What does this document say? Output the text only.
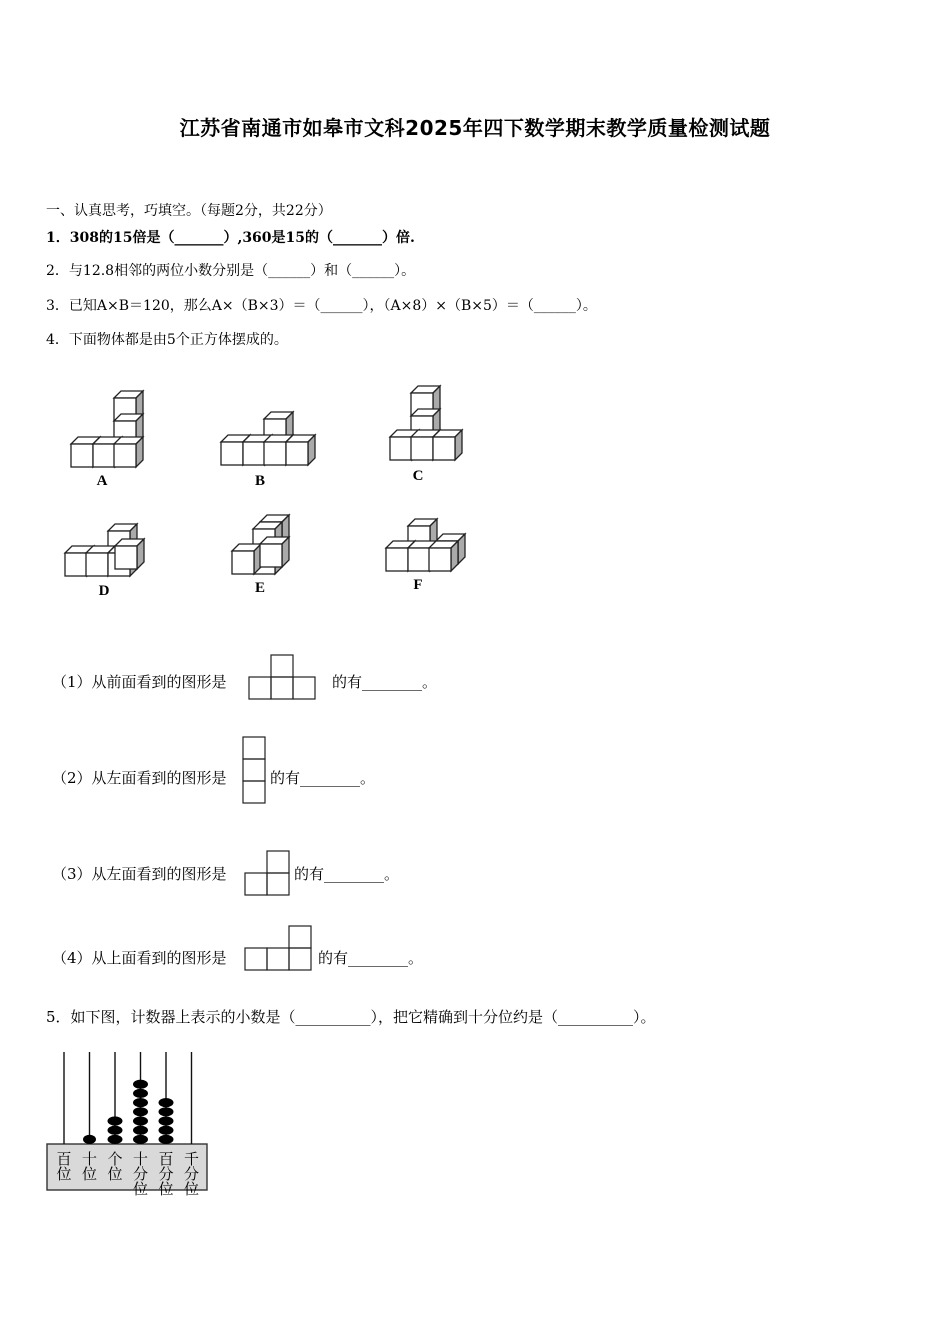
江苏省南通市如皋市文科2025年四下数学期末教学质量检测试题
一、认真思考，巧填空。（每题2分，共22分）
1．308的15倍是（_______）,360是15的（_______）倍.
2．与12.8相邻的两位小数分别是（______）和（______）。
3．已知A×B＝120，那么A×（B×3）＝（______），（A×8）×（B×5）＝（______）。
4．下面物体都是由5个正方体摆成的。
A	B	C
D	E	F
（1）从前面看到的图形是	的有________。
（2）从左面看到的图形是	的有________。
（3）从左面看到的图形是	的有________。
（4）从上面看到的图形是	的有________。
5．如下图，计数器上表示的小数是（__________），把它精确到十分位约是（__________）。
百
位
十
位
个
位
十
分
位
百
分
位
千
分
位
